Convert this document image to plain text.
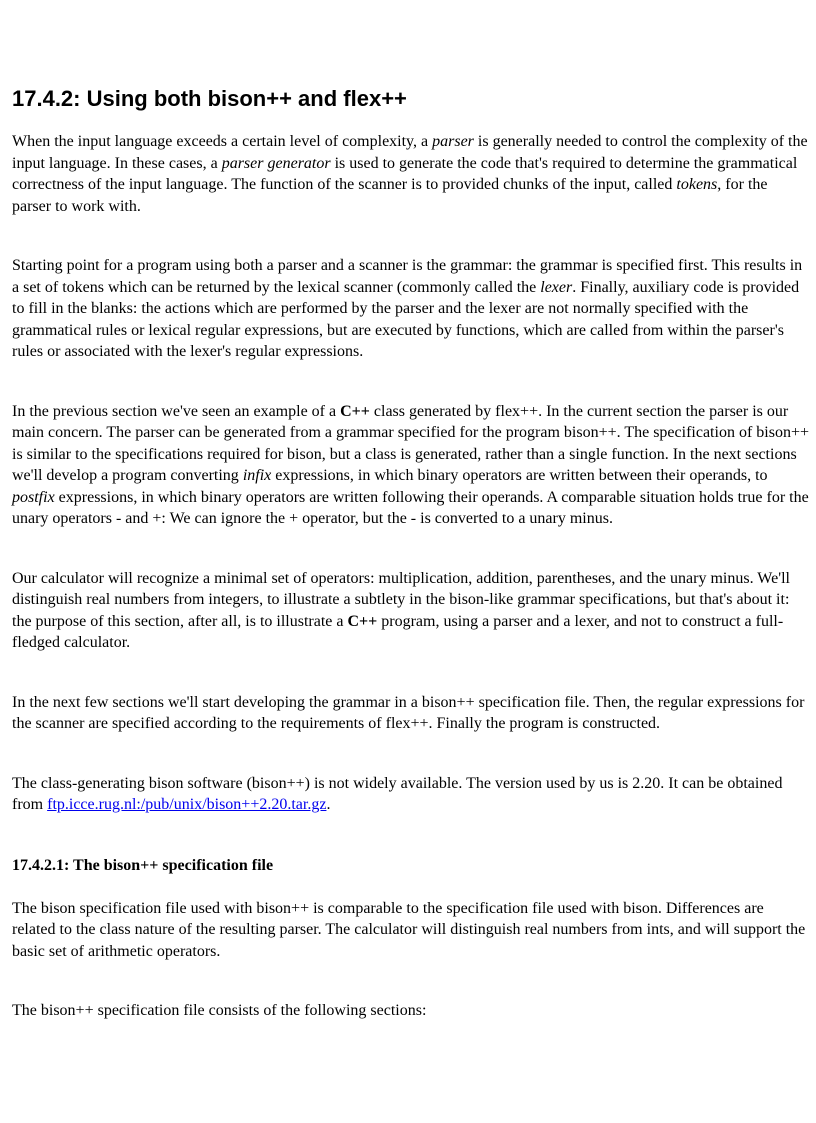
17.4.2: Using both bison++ and flex++

When the input language exceeds a certain level of complexity, a parser is generally needed to control the complexity of the input language. In these cases, a parser generator is used to generate the code that's required to determine the grammatical correctness of the input language. The function of the scanner is to provided chunks of the input, called tokens, for the parser to work with.

Starting point for a program using both a parser and a scanner is the grammar: the grammar is specified first. This results in a set of tokens which can be returned by the lexical scanner (commonly called the lexer. Finally, auxiliary code is provided to fill in the blanks: the actions which are performed by the parser and the lexer are not normally specified with the grammatical rules or lexical regular expressions, but are executed by functions, which are called from within the parser's rules or associated with the lexer's regular expressions.

In the previous section we've seen an example of a C++ class generated by flex++. In the current section the parser is our main concern. The parser can be generated from a grammar specified for the program bison++. The specification of bison++ is similar to the specifications required for bison, but a class is generated, rather than a single function. In the next sections we'll develop a program converting infix expressions, in which binary operators are written between their operands, to postfix expressions, in which binary operators are written following their operands. A comparable situation holds true for the unary operators - and +: We can ignore the + operator, but the - is converted to a unary minus.

Our calculator will recognize a minimal set of operators: multiplication, addition, parentheses, and the unary minus. We'll distinguish real numbers from integers, to illustrate a subtlety in the bison-like grammar specifications, but that's about it: the purpose of this section, after all, is to illustrate a C++ program, using a parser and a lexer, and not to construct a full-fledged calculator.

In the next few sections we'll start developing the grammar in a bison++ specification file. Then, the regular expressions for the scanner are specified according to the requirements of flex++. Finally the program is constructed.

The class-generating bison software (bison++) is not widely available. The version used by us is 2.20. It can be obtained from ftp.icce.rug.nl:/pub/unix/bison++2.20.tar.gz.

17.4.2.1: The bison++ specification file

The bison specification file used with bison++ is comparable to the specification file used with bison. Differences are related to the class nature of the resulting parser. The calculator will distinguish real numbers from ints, and will support the basic set of arithmetic operators.

The bison++ specification file consists of the following sections:
